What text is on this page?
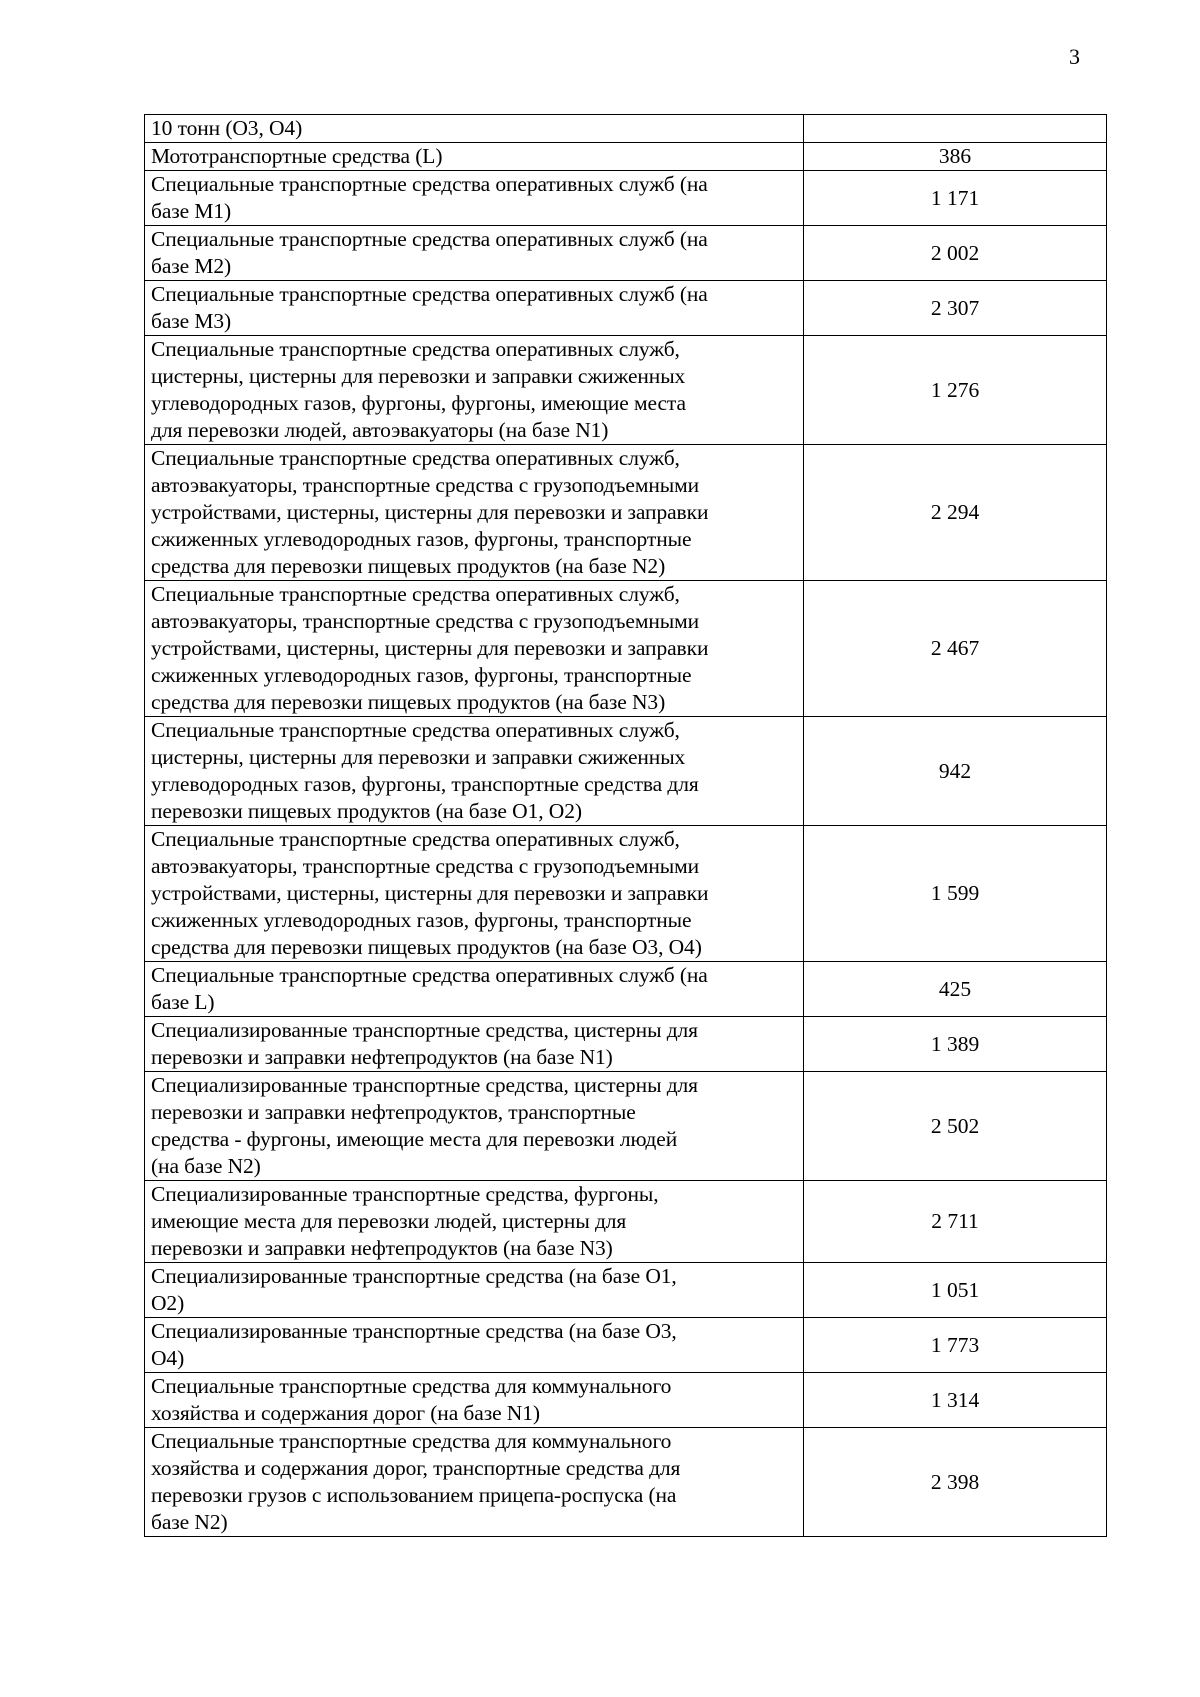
3
10 тонн (О3, О4)	
Мототранспортные средства (L)	386
Специальные транспортные средства оперативных служб (на
базе М1)	1 171
Специальные транспортные средства оперативных служб (на
базе М2)	2 002
Специальные транспортные средства оперативных служб (на
базе М3)	2 307
Специальные транспортные средства оперативных служб,
цистерны, цистерны для перевозки и заправки сжиженных
углеводородных газов, фургоны, фургоны, имеющие места
для перевозки людей, автоэвакуаторы (на базе N1)	1 276
Специальные транспортные средства оперативных служб,
автоэвакуаторы, транспортные средства с грузоподъемными
устройствами, цистерны, цистерны для перевозки и заправки
сжиженных углеводородных газов, фургоны, транспортные
средства для перевозки пищевых продуктов (на базе N2)	2 294
Специальные транспортные средства оперативных служб,
автоэвакуаторы, транспортные средства с грузоподъемными
устройствами, цистерны, цистерны для перевозки и заправки
сжиженных углеводородных газов, фургоны, транспортные
средства для перевозки пищевых продуктов (на базе N3)	2 467
Специальные транспортные средства оперативных служб,
цистерны, цистерны для перевозки и заправки сжиженных
углеводородных газов, фургоны, транспортные средства для
перевозки пищевых продуктов (на базе О1, О2)	942
Специальные транспортные средства оперативных служб,
автоэвакуаторы, транспортные средства с грузоподъемными
устройствами, цистерны, цистерны для перевозки и заправки
сжиженных углеводородных газов, фургоны, транспортные
средства для перевозки пищевых продуктов (на базе О3, О4)	1 599
Специальные транспортные средства оперативных служб (на
базе L)	425
Специализированные транспортные средства, цистерны для
перевозки и заправки нефтепродуктов (на базе N1)	1 389
Специализированные транспортные средства, цистерны для
перевозки и заправки нефтепродуктов, транспортные
средства - фургоны, имеющие места для перевозки людей
(на базе N2)	2 502
Специализированные транспортные средства, фургоны,
имеющие места для перевозки людей, цистерны для
перевозки и заправки нефтепродуктов (на базе N3)	2 711
Специализированные транспортные средства (на базе О1,
О2)	1 051
Специализированные транспортные средства (на базе О3,
О4)	1 773
Специальные транспортные средства для коммунального
хозяйства и содержания дорог (на базе N1)	1 314
Специальные транспортные средства для коммунального
хозяйства и содержания дорог, транспортные средства для
перевозки грузов с использованием прицепа-роспуска (на
базе N2)	2 398
